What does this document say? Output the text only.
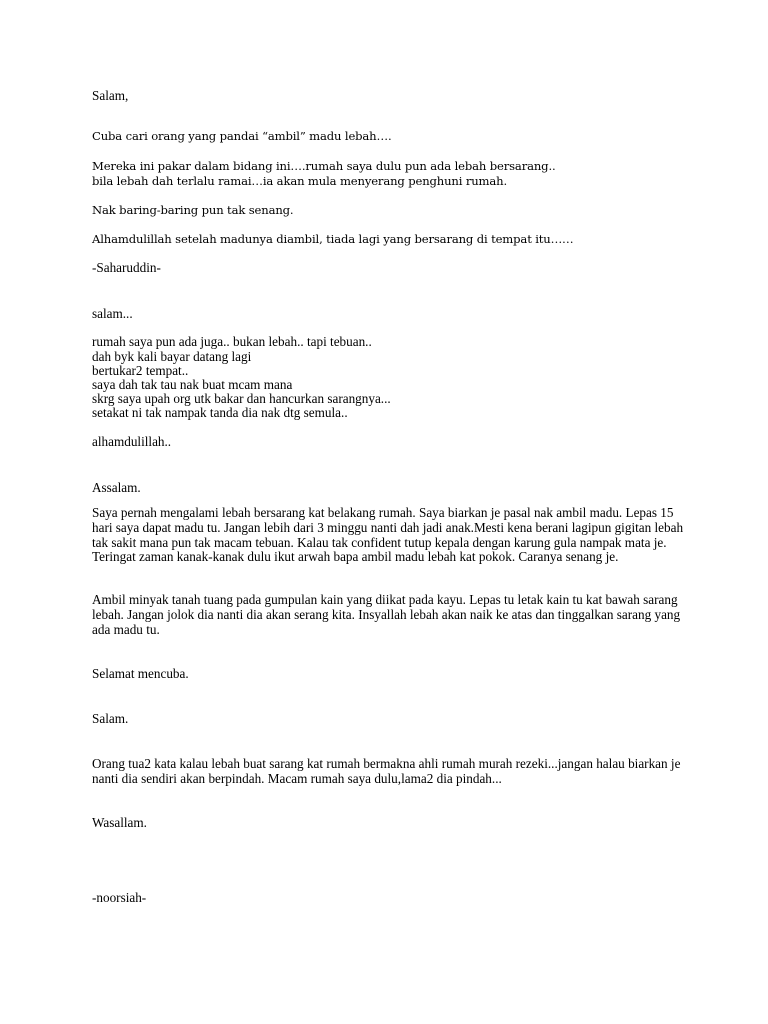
Salam,

Cuba cari orang yang pandai “ambil” madu lebah….

Mereka ini pakar dalam bidang ini….rumah saya dulu pun ada lebah bersarang..

bila lebah dah terlalu ramai…ia akan mula menyerang penghuni rumah.

Nak baring-baring pun tak senang.

Alhamdulillah setelah madunya diambil, tiada lagi yang bersarang di tempat itu……

-Saharuddin-

salam...

rumah saya pun ada juga.. bukan lebah.. tapi tebuan..

dah byk kali bayar datang lagi

bertukar2 tempat..

saya dah tak tau nak buat mcam mana

skrg saya upah org utk bakar dan hancurkan sarangnya...

setakat ni tak nampak tanda dia nak dtg semula..

alhamdulillah..

Assalam.

Saya pernah mengalami lebah bersarang kat belakang rumah. Saya biarkan je pasal nak ambil madu. Lepas 15

hari saya dapat madu tu. Jangan lebih dari 3 minggu nanti dah jadi anak.Mesti kena berani lagipun gigitan lebah

tak sakit mana pun tak macam tebuan. Kalau tak confident tutup kepala dengan karung gula nampak mata je.

Teringat zaman kanak-kanak dulu ikut arwah bapa ambil madu lebah kat pokok. Caranya senang je.

Ambil minyak tanah tuang pada gumpulan kain yang diikat pada kayu. Lepas tu letak kain tu kat bawah sarang

lebah. Jangan jolok dia nanti dia akan serang kita. Insyallah lebah akan naik ke atas dan tinggalkan sarang yang

ada madu tu.

Selamat mencuba.

Salam.

Orang tua2 kata kalau lebah buat sarang kat rumah bermakna ahli rumah murah rezeki...jangan halau biarkan je

nanti dia sendiri akan berpindah. Macam rumah saya dulu,lama2 dia pindah...

Wasallam.

-noorsiah-
